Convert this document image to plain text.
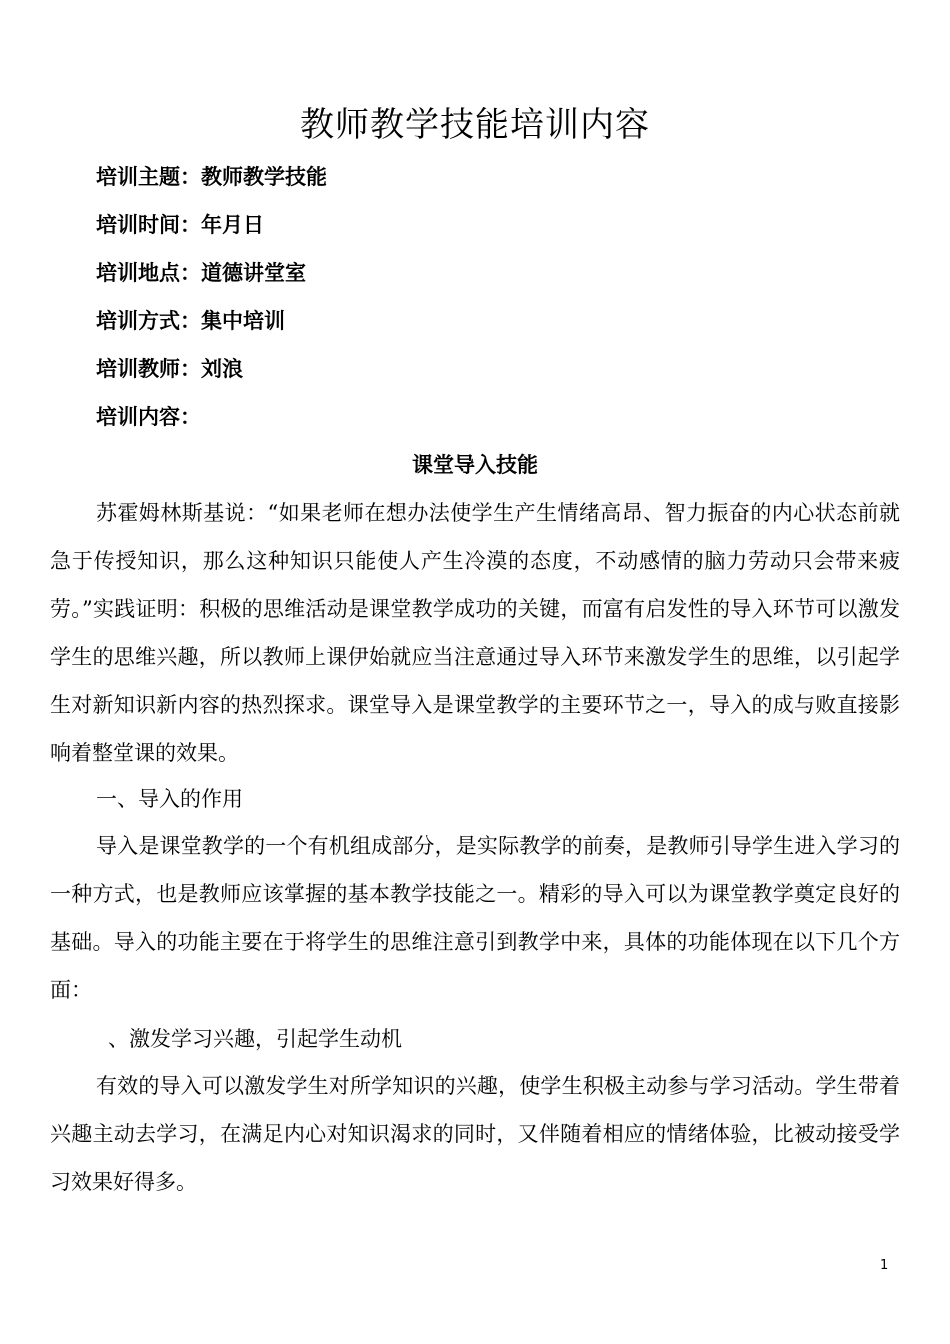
教师教学技能培训内容
培训主题：教师教学技能
培训时间：年月日
培训地点：道德讲堂室
培训方式：集中培训
培训教师：刘浪
培训内容：
课堂导入技能

苏霍姆林斯基说：“如果老师在想办法使学生产生情绪高昂、智力振奋的内心状态前就急于传授知识，那么这种知识只能使人产生冷漠的态度，不动感情的脑力劳动只会带来疲劳。”实践证明：积极的思维活动是课堂教学成功的关键，而富有启发性的导入环节可以激发学生的思维兴趣，所以教师上课伊始就应当注意通过导入环节来激发学生的思维，以引起学生对新知识新内容的热烈探求。课堂导入是课堂教学的主要环节之一，导入的成与败直接影响着整堂课的效果。

一、导入的作用

导入是课堂教学的一个有机组成部分，是实际教学的前奏，是教师引导学生进入学习的一种方式，也是教师应该掌握的基本教学技能之一。精彩的导入可以为课堂教学奠定良好的基础。导入的功能主要在于将学生的思维注意引到教学中来，具体的功能体现在以下几个方面：

、激发学习兴趣，引起学生动机

有效的导入可以激发学生对所学知识的兴趣，使学生积极主动参与学习活动。学生带着兴趣主动去学习，在满足内心对知识渴求的同时，又伴随着相应的情绪体验，比被动接受学习效果好得多。

1
